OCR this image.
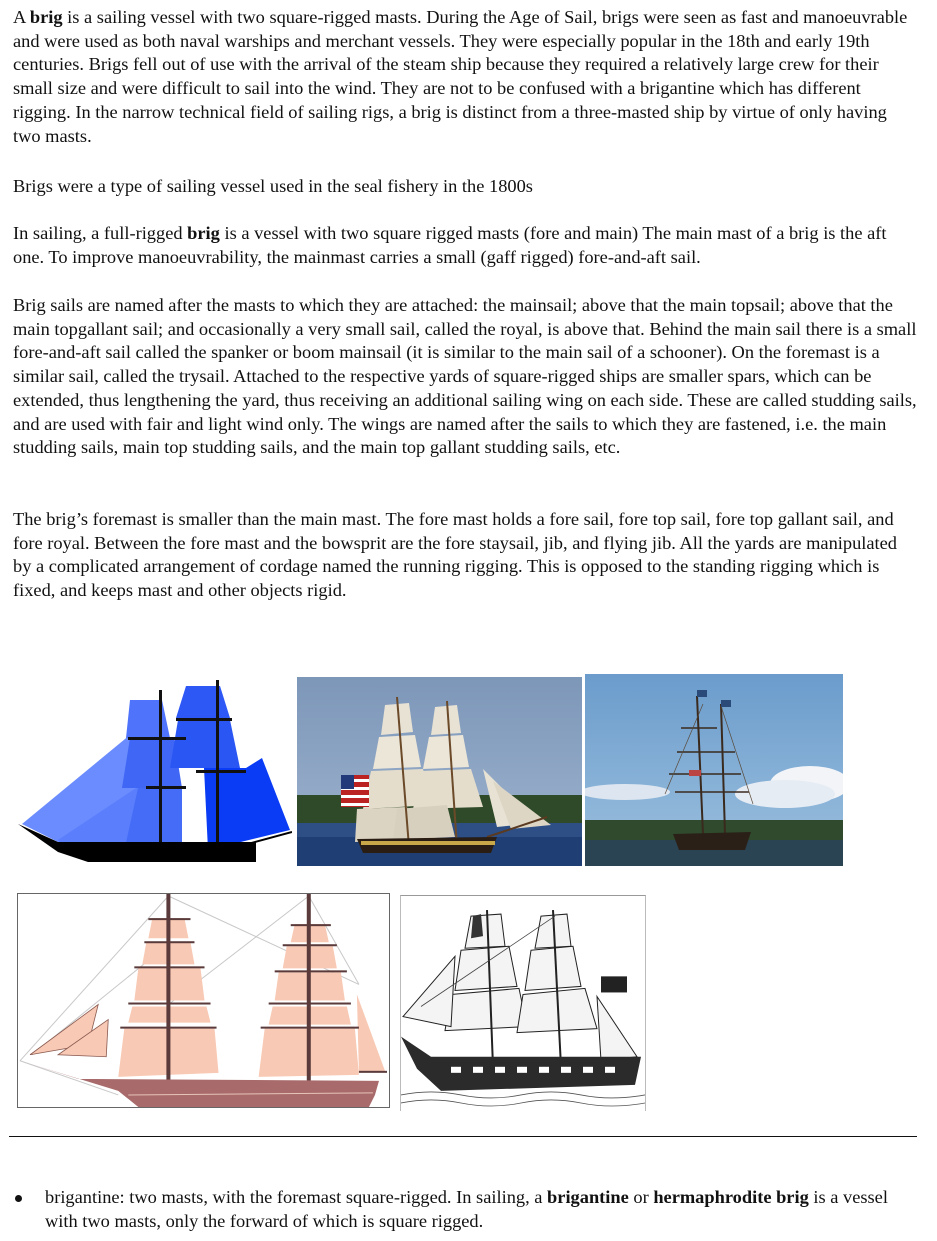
A brig is a sailing vessel with two square-rigged masts. During the Age of Sail, brigs were seen as fast and manoeuvrable and were used as both naval warships and merchant vessels. They were especially popular in the 18th and early 19th centuries. Brigs fell out of use with the arrival of the steam ship because they required a relatively large crew for their small size and were difficult to sail into the wind. They are not to be confused with a brigantine which has different rigging. In the narrow technical field of sailing rigs, a brig is distinct from a three-masted ship by virtue of only having two masts.

Brigs were a type of sailing vessel used in the seal fishery in the 1800s

In sailing, a full-rigged brig is a vessel with two square rigged masts (fore and main) The main mast of a brig is the aft one. To improve manoeuvrability, the mainmast carries a small (gaff rigged) fore-and-aft sail.

Brig sails are named after the masts to which they are attached: the mainsail; above that the main topsail; above that the main topgallant sail; and occasionally a very small sail, called the royal, is above that. Behind the main sail there is a small fore-and-aft sail called the spanker or boom mainsail (it is similar to the main sail of a schooner). On the foremast is a similar sail, called the trysail. Attached to the respective yards of square-rigged ships are smaller spars, which can be extended, thus lengthening the yard, thus receiving an additional sailing wing on each side. These are called studding sails, and are used with fair and light wind only. The wings are named after the sails to which they are fastened, i.e. the main studding sails, main top studding sails, and the main top gallant studding sails, etc.

The brig’s foremast is smaller than the main mast. The fore mast holds a fore sail, fore top sail, fore top gallant sail, and fore royal. Between the fore mast and the bowsprit are the fore staysail, jib, and flying jib. All the yards are manipulated by a complicated arrangement of cordage named the running rigging. This is opposed to the standing rigging which is fixed, and keeps mast and other objects rigid.

brigantine: two masts, with the foremast square-rigged. In sailing, a brigantine or hermaphrodite brig is a vessel with two masts, only the forward of which is square rigged.
